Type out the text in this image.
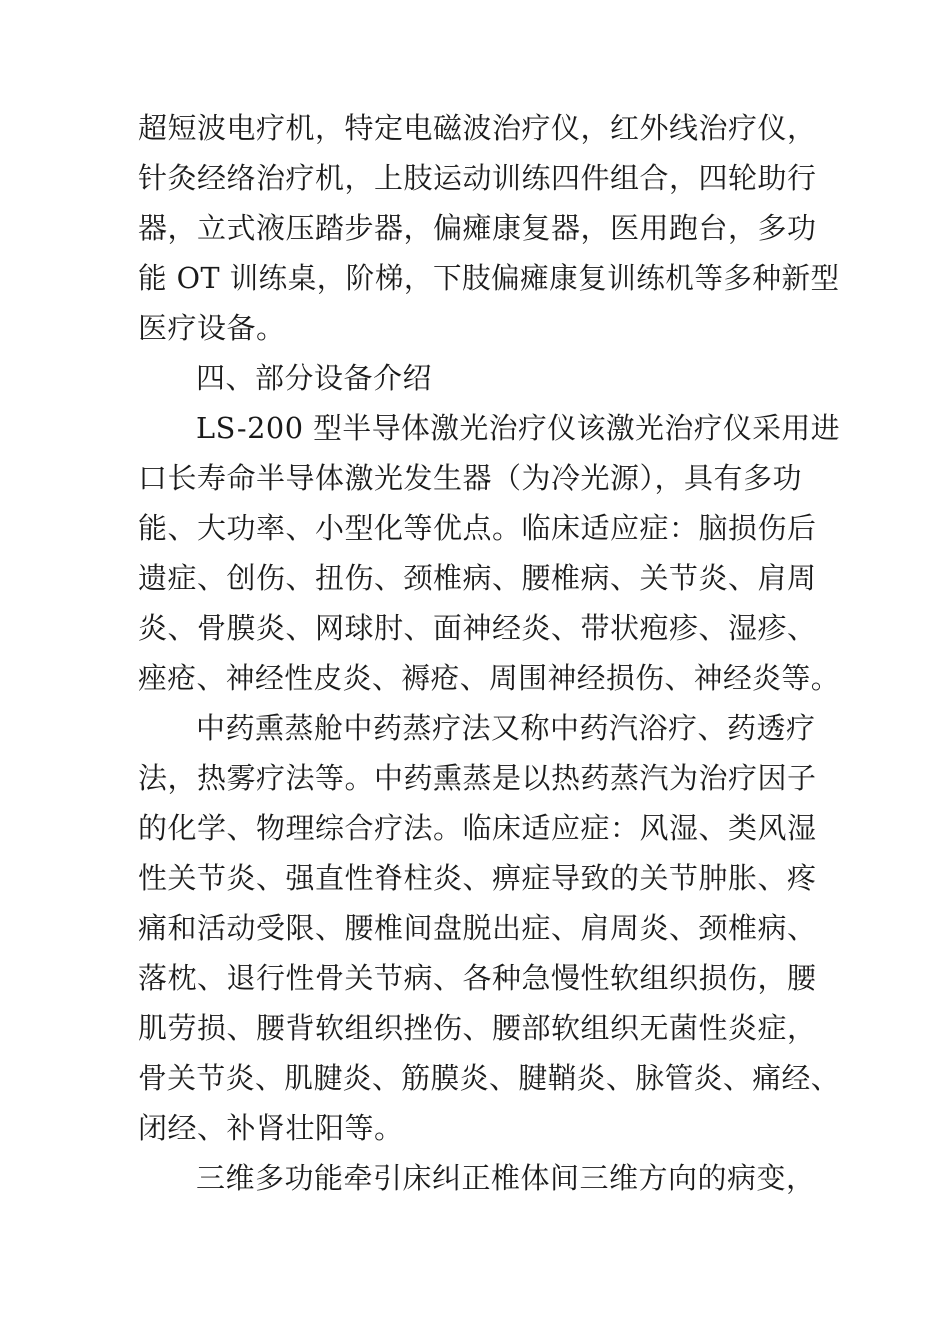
超短波电疗机，特定电磁波治疗仪，红外线治疗仪，
针灸经络治疗机，上肢运动训练四件组合，四轮助行
器，立式液压踏步器，偏瘫康复器，医用跑台，多功
能 OT 训练桌，阶梯，下肢偏瘫康复训练机等多种新型
医疗设备。
四、部分设备介绍
LS-200 型半导体激光治疗仪该激光治疗仪采用进
口长寿命半导体激光发生器（为冷光源），具有多功
能、大功率、小型化等优点。临床适应症：脑损伤后
遗症、创伤、扭伤、颈椎病、腰椎病、关节炎、肩周
炎、骨膜炎、网球肘、面神经炎、带状疱疹、湿疹、
痤疮、神经性皮炎、褥疮、周围神经损伤、神经炎等。
中药熏蒸舱中药蒸疗法又称中药汽浴疗、药透疗
法，热雾疗法等。中药熏蒸是以热药蒸汽为治疗因子
的化学、物理综合疗法。临床适应症：风湿、类风湿
性关节炎、强直性脊柱炎、痹症导致的关节肿胀、疼
痛和活动受限、腰椎间盘脱出症、肩周炎、颈椎病、
落枕、退行性骨关节病、各种急慢性软组织损伤，腰
肌劳损、腰背软组织挫伤、腰部软组织无菌性炎症，
骨关节炎、肌腱炎、筋膜炎、腱鞘炎、脉管炎、痛经、
闭经、补肾壮阳等。
三维多功能牵引床纠正椎体间三维方向的病变，
